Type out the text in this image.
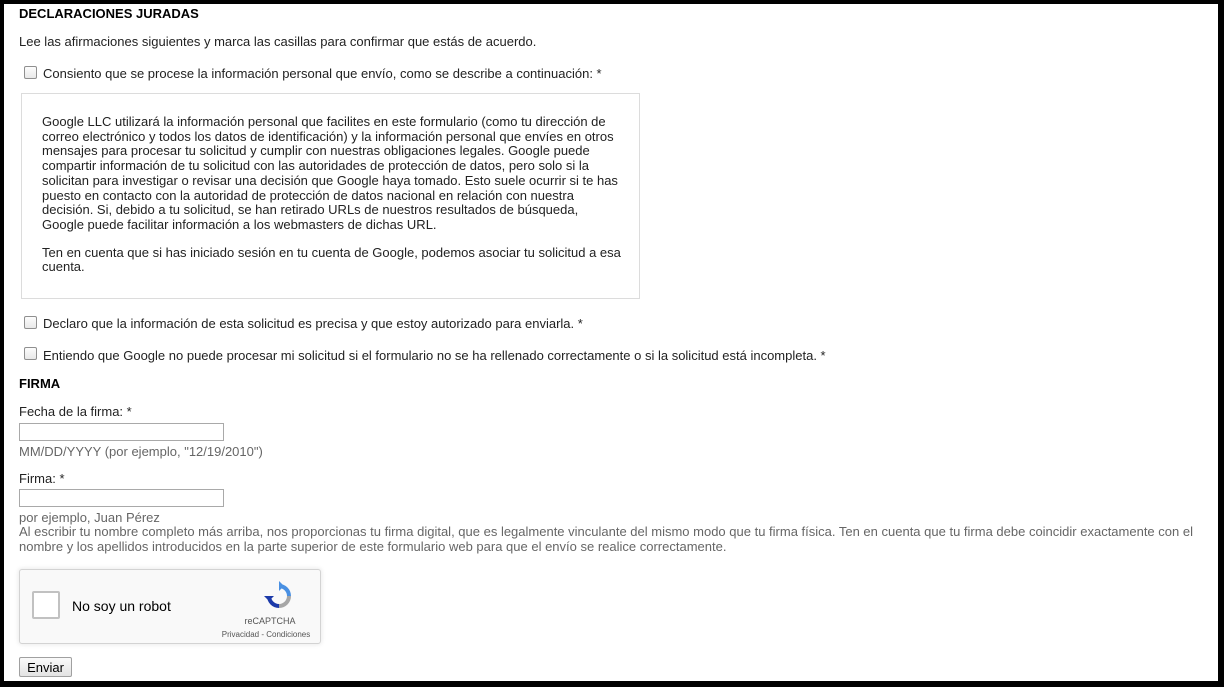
DECLARACIONES JURADAS
Lee las afirmaciones siguientes y marca las casillas para confirmar que estás de acuerdo.
Consiento que se procese la información personal que envío, como se describe a continuación: *

Google LLC utilizará la información personal que facilites en este formulario (como tu dirección de correo electrónico y todos los datos de identificación) y la información personal que envíes en otros mensajes para procesar tu solicitud y cumplir con nuestras obligaciones legales. Google puede compartir información de tu solicitud con las autoridades de protección de datos, pero solo si la solicitan para investigar o revisar una decisión que Google haya tomado. Esto suele ocurrir si te has puesto en contacto con la autoridad de protección de datos nacional en relación con nuestra decisión. Si, debido a tu solicitud, se han retirado URLs de nuestros resultados de búsqueda, Google puede facilitar información a los webmasters de dichas URL.

Ten en cuenta que si has iniciado sesión en tu cuenta de Google, podemos asociar tu solicitud a esa cuenta.

Declaro que la información de esta solicitud es precisa y que estoy autorizado para enviarla. *
Entiendo que Google no puede procesar mi solicitud si el formulario no se ha rellenado correctamente o si la solicitud está incompleta. *
FIRMA
Fecha de la firma: *
MM/DD/YYYY (por ejemplo, "12/19/2010")
Firma: *
por ejemplo, Juan Pérez
Al escribir tu nombre completo más arriba, nos proporcionas tu firma digital, que es legalmente vinculante del mismo modo que tu firma física. Ten en cuenta que tu firma debe coincidir exactamente con el nombre y los apellidos introducidos en la parte superior de este formulario web para que el envío se realice correctamente.
No soy un robot
reCAPTCHA
Privacidad - Condiciones
Enviar
